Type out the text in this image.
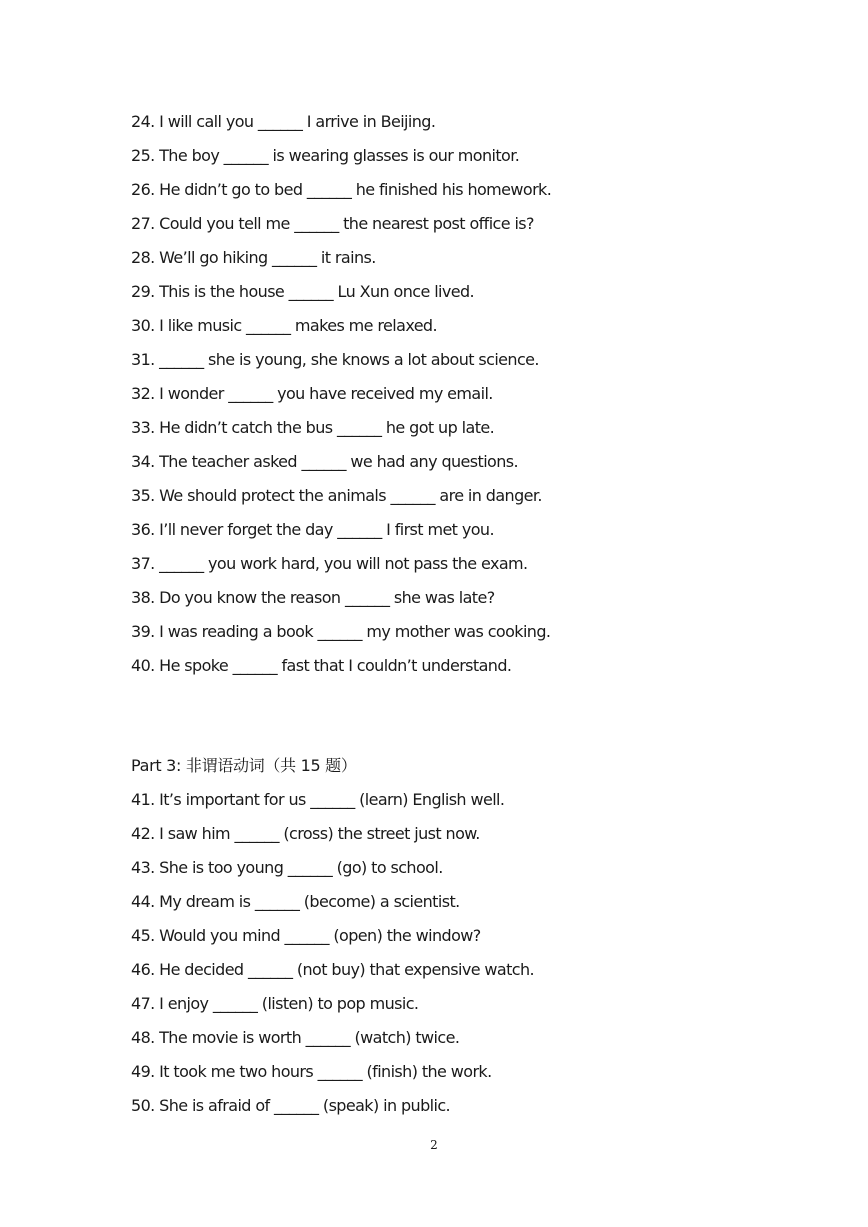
24. I will call you ______ I arrive in Beijing.
25. The boy ______ is wearing glasses is our monitor.
26. He didn’t go to bed ______ he finished his homework.
27. Could you tell me ______ the nearest post office is?
28. We’ll go hiking ______ it rains.
29. This is the house ______ Lu Xun once lived.
30. I like music ______ makes me relaxed.
31. ______ she is young, she knows a lot about science.
32. I wonder ______ you have received my email.
33. He didn’t catch the bus ______ he got up late.
34. The teacher asked ______ we had any questions.
35. We should protect the animals ______ are in danger.
36. I’ll never forget the day ______ I first met you.
37. ______ you work hard, you will not pass the exam.
38. Do you know the reason ______ she was late?
39. I was reading a book ______ my mother was cooking.
40. He spoke ______ fast that I couldn’t understand.
Part 3: 非谓语动词（共 15 题）
41. It’s important for us ______ (learn) English well.
42. I saw him ______ (cross) the street just now.
43. She is too young ______ (go) to school.
44. My dream is ______ (become) a scientist.
45. Would you mind ______ (open) the window?
46. He decided ______ (not buy) that expensive watch.
47. I enjoy ______ (listen) to pop music.
48. The movie is worth ______ (watch) twice.
49. It took me two hours ______ (finish) the work.
50. She is afraid of ______ (speak) in public.
2
